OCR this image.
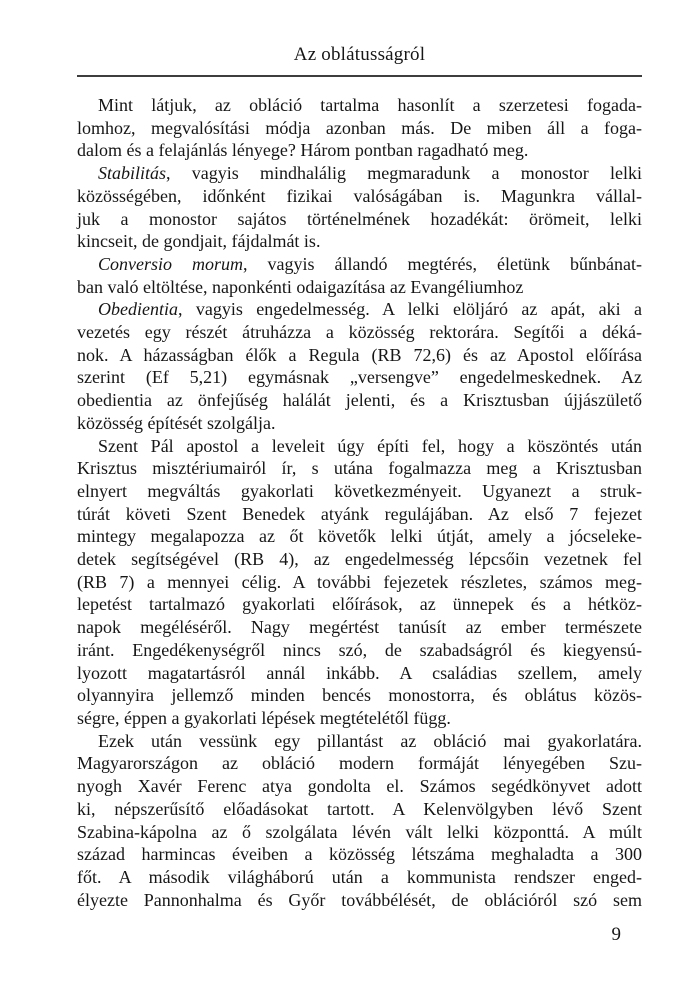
Az oblátusságról
Mint látjuk, az obláció tartalma hasonlít a szerzetesi fogada-
lomhoz, megvalósítási módja azonban más. De miben áll a foga-
dalom és a felajánlás lényege? Három pontban ragadható meg.
Stabilitás, vagyis mindhalálig megmaradunk a monostor lelki
közösségében, időnként fizikai valóságában is. Magunkra vállal-
juk a monostor sajátos történelmének hozadékát: örömeit, lelki
kincseit, de gondjait, fájdalmát is.
Conversio morum, vagyis állandó megtérés, életünk bűnbánat-
ban való eltöltése, naponkénti odaigazítása az Evangéliumhoz
Obedientia, vagyis engedelmesség. A lelki elöljáró az apát, aki a
vezetés egy részét átruházza a közösség rektorára. Segítői a déká-
nok. A házasságban élők a Regula (RB 72,6) és az Apostol előírása
szerint (Ef 5,21) egymásnak „versengve” engedelmeskednek. Az
obedientia az önfejűség halálát jelenti, és a Krisztusban újjászülető
közösség építését szolgálja.
Szent Pál apostol a leveleit úgy építi fel, hogy a köszöntés után
Krisztus misztériumairól ír, s utána fogalmazza meg a Krisztusban
elnyert megváltás gyakorlati következményeit. Ugyanezt a struk-
túrát követi Szent Benedek atyánk regulájában. Az első 7 fejezet
mintegy megalapozza az őt követők lelki útját, amely a jócseleke-
detek segítségével (RB 4), az engedelmesség lépcsőin vezetnek fel
(RB 7) a mennyei célig. A további fejezetek részletes, számos meg-
lepetést tartalmazó gyakorlati előírások, az ünnepek és a hétköz-
napok megéléséről. Nagy megértést tanúsít az ember természete
iránt. Engedékenységről nincs szó, de szabadságról és kiegyensú-
lyozott magatartásról annál inkább. A családias szellem, amely
olyannyira jellemző minden bencés monostorra, és oblátus közös-
ségre, éppen a gyakorlati lépések megtételétől függ.
Ezek után vessünk egy pillantást az obláció mai gyakorlatára.
Magyarországon az obláció modern formáját lényegében Szu-
nyogh Xavér Ferenc atya gondolta el. Számos segédkönyvet adott
ki, népszerűsítő előadásokat tartott. A Kelenvölgyben lévő Szent
Szabina-kápolna az ő szolgálata lévén vált lelki központtá. A múlt
század harmincas éveiben a közösség létszáma meghaladta a 300
főt. A második világháború után a kommunista rendszer enged-
élyezte Pannonhalma és Győr továbbélését, de oblációról szó sem
9
